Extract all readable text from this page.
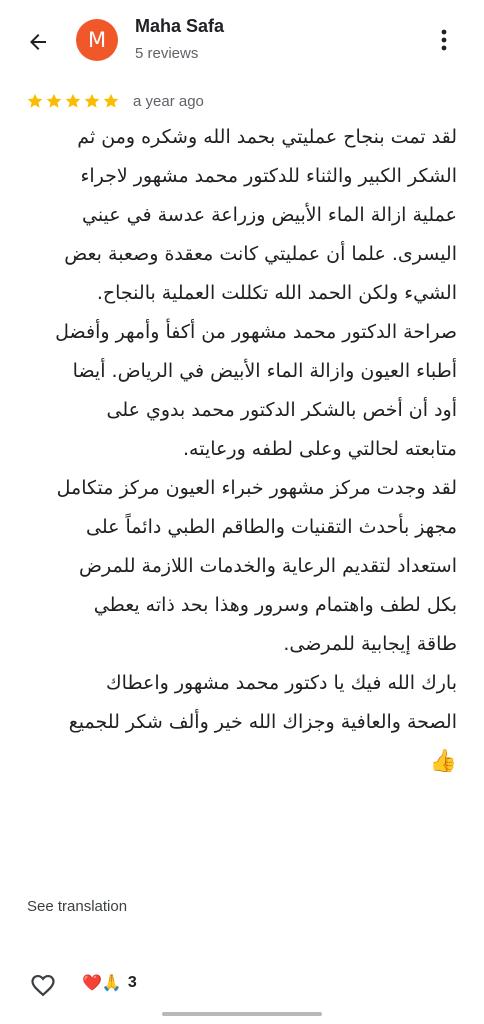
M
Maha Safa
5 reviews
a year ago
لقد تمت بنجاح عمليتي بحمد الله وشكره ومن ثم
الشكر الكبير والثناء للدكتور محمد مشهور لاجراء
عملية ازالة الماء الأبيض وزراعة عدسة في عيني
اليسرى. علما أن عمليتي كانت معقدة وصعبة بعض
الشيء ولكن الحمد الله تكللت العملية بالنجاح.
صراحة الدكتور محمد مشهور من أكفأ وأمهر وأفضل
أطباء العيون وازالة الماء الأبيض في الرياض. أيضا
أود أن أخص بالشكر الدكتور محمد بدوي على
متابعته لحالتي وعلى لطفه ورعايته.
لقد وجدت مركز مشهور خبراء العيون مركز متكامل
مجهز بأحدث التقنيات والطاقم الطبي دائماً على
استعداد لتقديم الرعاية والخدمات اللازمة للمرض
بكل لطف واهتمام وسرور وهذا بحد ذاته يعطي
طاقة إيجابية للمرضى.
بارك الله فيك يا دكتور محمد مشهور واعطاك
الصحة والعافية وجزاك الله خير وألف شكر للجميع
👍
See translation
❤️🙏 3
